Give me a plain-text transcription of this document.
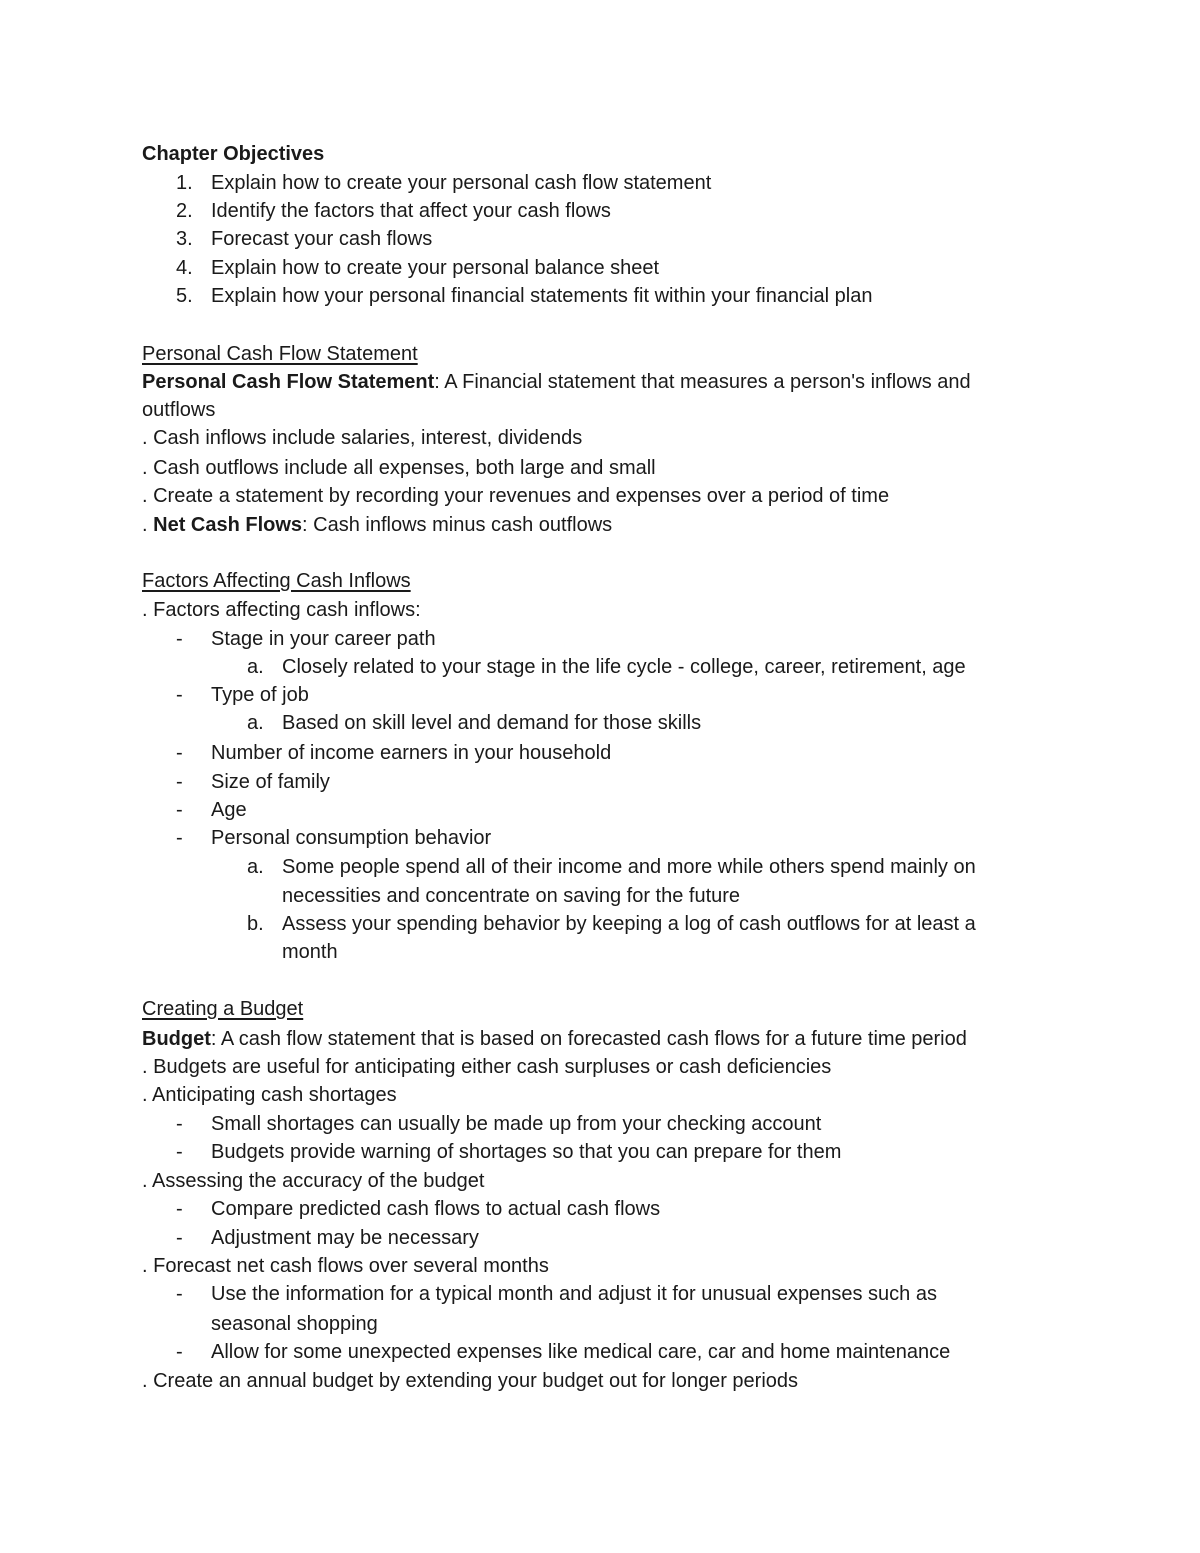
Chapter Objectives
1. Explain how to create your personal cash flow statement
2. Identify the factors that affect your cash flows
3. Forecast your cash flows
4. Explain how to create your personal balance sheet
5. Explain how your personal financial statements fit within your financial plan
Personal Cash Flow Statement
Personal Cash Flow Statement: A Financial statement that measures a person's inflows and
outflows
. Cash inflows include salaries, interest, dividends
. Cash outflows include all expenses, both large and small
. Create a statement by recording your revenues and expenses over a period of time
. Net Cash Flows: Cash inflows minus cash outflows
Factors Affecting Cash Inflows
. Factors affecting cash inflows:
- Stage in your career path
a. Closely related to your stage in the life cycle - college, career, retirement, age
- Type of job
a. Based on skill level and demand for those skills
- Number of income earners in your household
- Size of family
- Age
- Personal consumption behavior
a. Some people spend all of their income and more while others spend mainly on
necessities and concentrate on saving for the future
b. Assess your spending behavior by keeping a log of cash outflows for at least a
month
Creating a Budget
Budget: A cash flow statement that is based on forecasted cash flows for a future time period
. Budgets are useful for anticipating either cash surpluses or cash deficiencies
. Anticipating cash shortages
- Small shortages can usually be made up from your checking account
- Budgets provide warning of shortages so that you can prepare for them
. Assessing the accuracy of the budget
- Compare predicted cash flows to actual cash flows
- Adjustment may be necessary
. Forecast net cash flows over several months
- Use the information for a typical month and adjust it for unusual expenses such as
seasonal shopping
- Allow for some unexpected expenses like medical care, car and home maintenance
. Create an annual budget by extending your budget out for longer periods
